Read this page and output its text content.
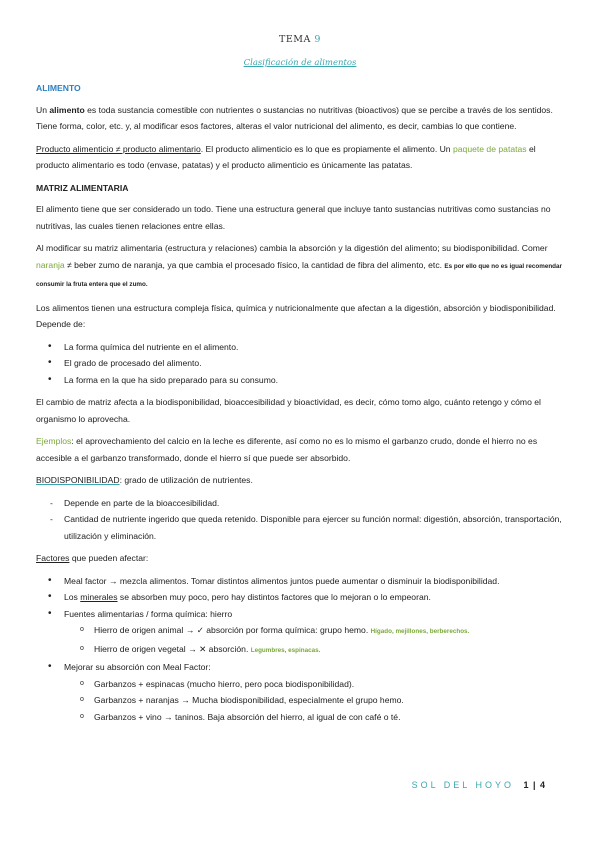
TEMA 9
Clasificación de alimentos
ALIMENTO

Un alimento es toda sustancia comestible con nutrientes o sustancias no nutritivas (bioactivos) que se percibe a través de los sentidos. Tiene forma, color, etc. y, al modificar esos factores, alteras el valor nutricional del alimento, es decir, cambias lo que contiene.

Producto alimenticio ≠ producto alimentario. El producto alimenticio es lo que es propiamente el alimento. Un paquete de patatas el producto alimentario es todo (envase, patatas) y el producto alimenticio es únicamente las patatas.

MATRIZ ALIMENTARIA

El alimento tiene que ser considerado un todo. Tiene una estructura general que incluye tanto sustancias nutritivas como sustancias no nutritivas, las cuales tienen relaciones entre ellas.

Al modificar su matriz alimentaria (estructura y relaciones) cambia la absorción y la digestión del alimento; su biodisponibilidad. Comer naranja ≠ beber zumo de naranja, ya que cambia el procesado físico, la cantidad de fibra del alimento, etc. Es por ello que no es igual recomendar consumir la fruta entera que el zumo.

Los alimentos tienen una estructura compleja física, química y nutricionalmente que afectan a la digestión, absorción y biodisponibilidad. Depende de:

• La forma química del nutriente en el alimento.
• El grado de procesado del alimento.
• La forma en la que ha sido preparado para su consumo.

El cambio de matriz afecta a la biodisponibilidad, bioaccesibilidad y bioactividad, es decir, cómo tomo algo, cuánto retengo y cómo el organismo lo aprovecha.

Ejemplos: el aprovechamiento del calcio en la leche es diferente, así como no es lo mismo el garbanzo crudo, donde el hierro no es accesible a el garbanzo transformado, donde el hierro sí que puede ser absorbido.

BIODISPONIBILIDAD: grado de utilización de nutrientes.

- Depende en parte de la bioaccesibilidad.
- Cantidad de nutriente ingerido que queda retenido. Disponible para ejercer su función normal: digestión, absorción, transportación, utilización y eliminación.

Factores que pueden afectar:

• Meal factor → mezcla alimentos. Tomar distintos alimentos juntos puede aumentar o disminuir la biodisponibilidad.
• Los minerales se absorben muy poco, pero hay distintos factores que lo mejoran o lo empeoran.
• Fuentes alimentarias / forma química: hierro
o Hierro de origen animal → ✓ absorción por forma química: grupo hemo. Hígado, mejillones, berberechos.
o Hierro de origen vegetal → ✕ absorción. Legumbres, espinacas.
• Mejorar su absorción con Meal Factor:
o Garbanzos + espinacas (mucho hierro, pero poca biodisponibilidad).
o Garbanzos + naranjas → Mucha biodisponibilidad, especialmente el grupo hemo.
o Garbanzos + vino → taninos. Baja absorción del hierro, al igual de con café o té.
SOL DEL HOYO 1 | 4
